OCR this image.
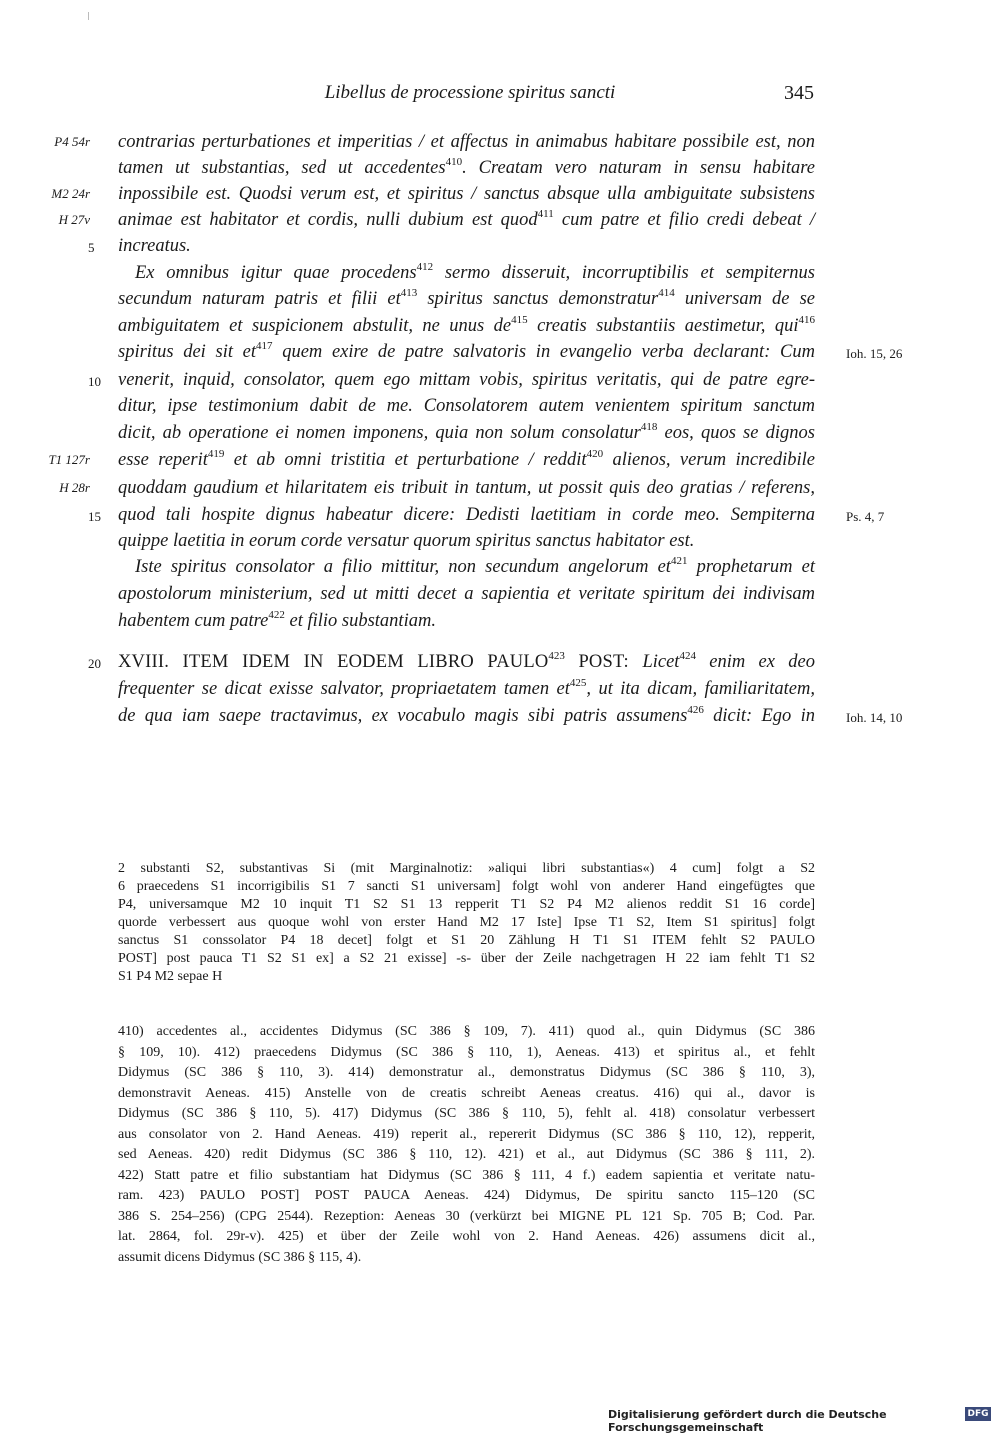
Libellus de processione spiritus sancti	345
contrarias perturbationes et imperitias / et affectus in animabus habitare possibile est, non
tamen ut substantias, sed ut accedentes$^{410}$. Creatam vero naturam in sensu habitare
inpossibile est. Quodsi verum est, et spiritus / sanctus absque ulla ambiguitate subsistens
animae est habitator et cordis, nulli dubium est quod$^{411}$ cum patre et filio credi debeat /
increatus.
Ex omnibus igitur quae procedens$^{412}$ sermo disseruit, incorruptibilis et sempiternus
secundum naturam patris et filii $et^{413}$ spiritus sanctus demonstratur$^{414}$ universam de se
ambiguitatem et suspicionem abstulit, ne unus $de^{415}$ creatis substantiis aestimetur, qui$^{416}$
spiritus dei sit $et^{417}$ quem exire de patre salvatoris in evangelio verba declarant: Cum
venerit, inquid, consolator, quem ego mittam vobis, spiritus veritatis, qui de patre egre-
ditur, ipse testimonium dabit de me. Consolatorem autem venientem spiritum sanctum
dicit, ab operatione ei nomen imponens, quia non solum consolatur$^{418}$ eos, quos se dignos
esse reperit$^{419}$ et ab omni tristitia et perturbatione / reddit$^{420}$ alienos, verum incredibile
quoddam gaudium et hilaritatem eis tribuit in tantum, ut possit quis deo gratias / referens,
quod tali hospite dignus habeatur dicere: Dedisti laetitiam in corde meo. Sempiterna
quippe laetitia in eorum corde versatur quorum spiritus sanctus habitator est.
Iste spiritus consolator a filio mittitur, non secundum angelorum $et^{421}$ prophetarum et
apostolorum ministerium, sed ut mitti decet a sapientia et veritate spiritum dei indivisam
habentem cum patre$^{422}$ et filio substantiam.
XVIII. ITEM IDEM IN EODEM LIBRO PAULO$^{423}$ POST: Licet$^{424}$ enim ex deo
frequenter se dicat exisse salvator, propriaetatem tamen $et^{425}$, ut ita dicam, familiaritatem,
de qua iam saepe tractavimus, ex vocabulo magis sibi patris assumens$^{426}$ dicit: Ego in
5
10
15
20
P4 54r
M2 24r
H 27v
T1 127r
H 28r
Ioh. 15, 26
Ps. 4, 7
Ioh. 14, 10
2 substanti S2, substantivas Si (mit Marginalnotiz: »aliqui libri substantias«) 4 cum] folgt a S2
6 praecedens S1 incorrigibilis S1 7 sancti S1 universam] folgt wohl von anderer Hand eingefügtes que
P4, universamque M2 10 inquit T1 S2 S1 13 repperit T1 S2 P4 M2 alienos reddit S1 16 corde]
quorde verbessert aus quoque wohl von erster Hand M2 17 Iste] Ipse T1 S2, Item S1 spiritus] folgt
sanctus S1 conssolator P4 18 decet] folgt et S1 20 Zählung H T1 S1 ITEM fehlt S2 PAULO
POST] post pauca T1 S2 S1 ex] a S2 21 exisse] -s- über der Zeile nachgetragen H 22 iam fehlt T1 S2
S1 P4 M2 sepae H
410) accedentes al., accidentes Didymus (SC 386 § 109, 7). 411) quod al., quin Didymus (SC 386
§ 109, 10). 412) praecedens Didymus (SC 386 § 110, 1), Aeneas. 413) et spiritus al., et fehlt
Didymus (SC 386 § 110, 3). 414) demonstratur al., demonstratus Didymus (SC 386 § 110, 3),
demonstravit Aeneas. 415) Anstelle von de creatis schreibt Aeneas creatus. 416) qui al., davor is
Didymus (SC 386 § 110, 5). 417) Didymus (SC 386 § 110, 5), fehlt al. 418) consolatur verbessert
aus consolator von 2. Hand Aeneas. 419) reperit al., repererit Didymus (SC 386 § 110, 12), repperit,
sed Aeneas. 420) redit Didymus (SC 386 § 110, 12). 421) et al., aut Didymus (SC 386 § 111, 2).
422) Statt patre et filio substantiam hat Didymus (SC 386 § 111, 4 f.) eadem sapientia et veritate natu-
ram. 423) PAULO POST] POST PAUCA Aeneas. 424) Didymus, De spiritu sancto 115–120 (SC
386 S. 254–256) (CPG 2544). Rezeption: Aeneas 30 (verkürzt bei MIGNE PL 121 Sp. 705 B; Cod. Par.
lat. 2864, fol. 29r-v). 425) et über der Zeile wohl von 2. Hand Aeneas. 426) assumens dicit al.,
assumit dicens Didymus (SC 386 § 115, 4).
Digitalisierung gefördert durch die Deutsche Forschungsgemeinschaft
DFG
